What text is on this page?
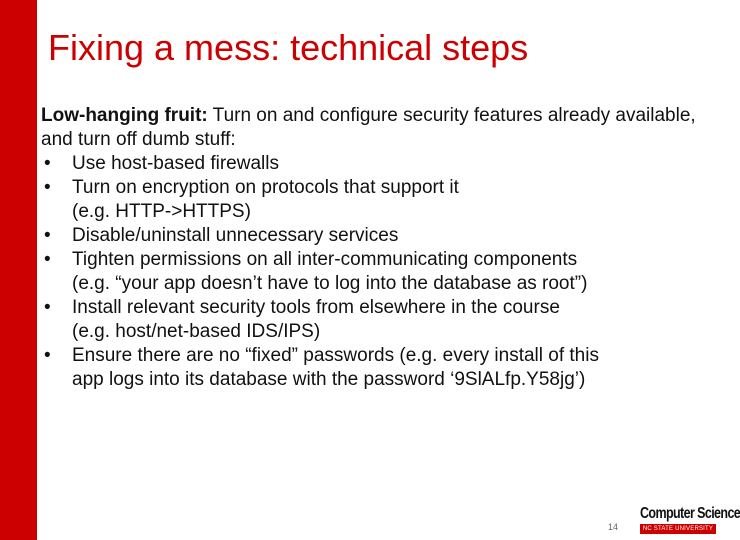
Fixing a mess: technical steps

Low-hanging fruit: Turn on and configure security features already available, and turn off dumb stuff:

• Use host-based firewalls
• Turn on encryption on protocols that support it
(e.g. HTTP->HTTPS)
• Disable/uninstall unnecessary services
• Tighten permissions on all inter-communicating components
(e.g. “your app doesn’t have to log into the database as root”)
• Install relevant security tools from elsewhere in the course
(e.g. host/net-based IDS/IPS)
• Ensure there are no “fixed” passwords (e.g. every install of this
app logs into its database with the password ‘9SlALfp.Y58jg’)
14
Computer Science
NC STATE UNIVERSITY
